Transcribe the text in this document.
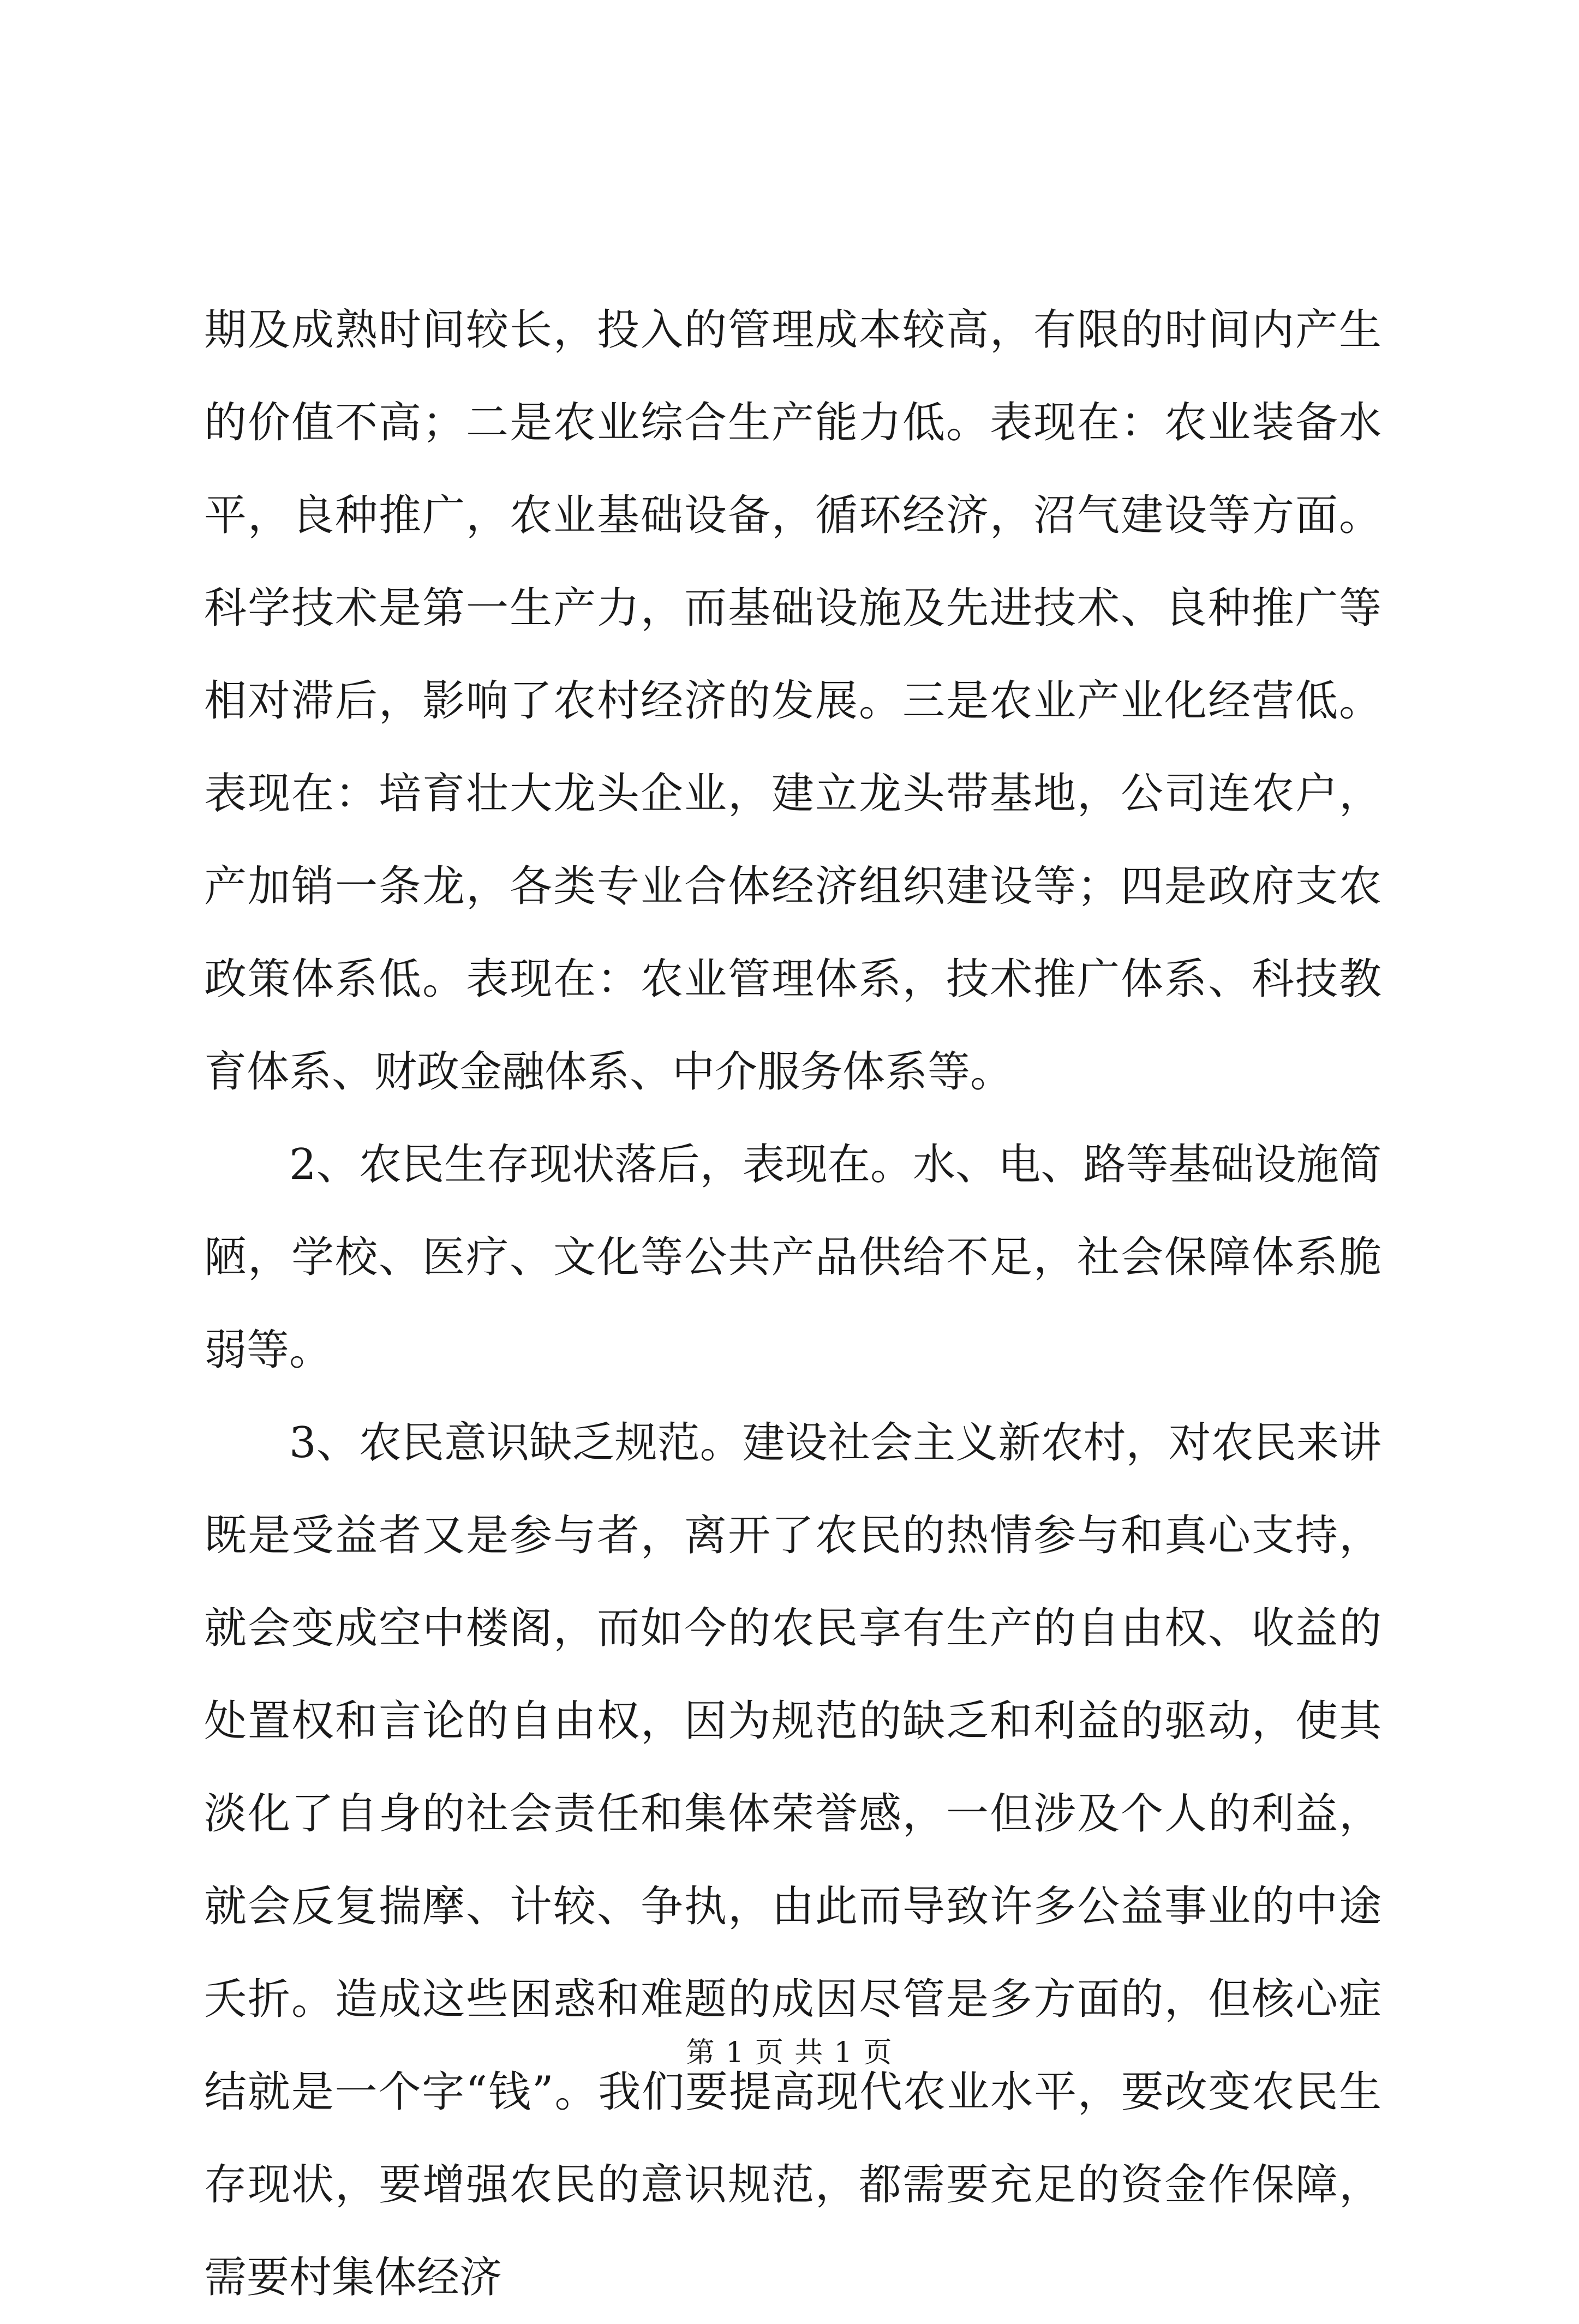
期及成熟时间较长，投入的管理成本较高，有限的时间内产生的价值不高；二是农业综合生产能力低。表现在：农业装备水平，良种推广，农业基础设备，循环经济，沼气建设等方面。科学技术是第一生产力，而基础设施及先进技术、良种推广等相对滞后，影响了农村经济的发展。三是农业产业化经营低。表现在：培育壮大龙头企业，建立龙头带基地，公司连农户，产加销一条龙，各类专业合体经济组织建设等；四是政府支农政策体系低。表现在：农业管理体系，技术推广体系、科技教育体系、财政金融体系、中介服务体系等。

2、农民生存现状落后，表现在。水、电、路等基础设施简陋，学校、医疗、文化等公共产品供给不足，社会保障体系脆弱等。

3、农民意识缺乏规范。建设社会主义新农村，对农民来讲既是受益者又是参与者，离开了农民的热情参与和真心支持，就会变成空中楼阁，而如今的农民享有生产的自由权、收益的处置权和言论的自由权，因为规范的缺乏和利益的驱动，使其淡化了自身的社会责任和集体荣誉感，一但涉及个人的利益，就会反复揣摩、计较、争执，由此而导致许多公益事业的中途夭折。造成这些困惑和难题的成因尽管是多方面的，但核心症结就是一个字“钱”。我们要提高现代农业水平，要改变农民生存现状，要增强农民的意识规范，都需要充足的资金作保障，需要村集体经济

第 1 页 共 1 页
